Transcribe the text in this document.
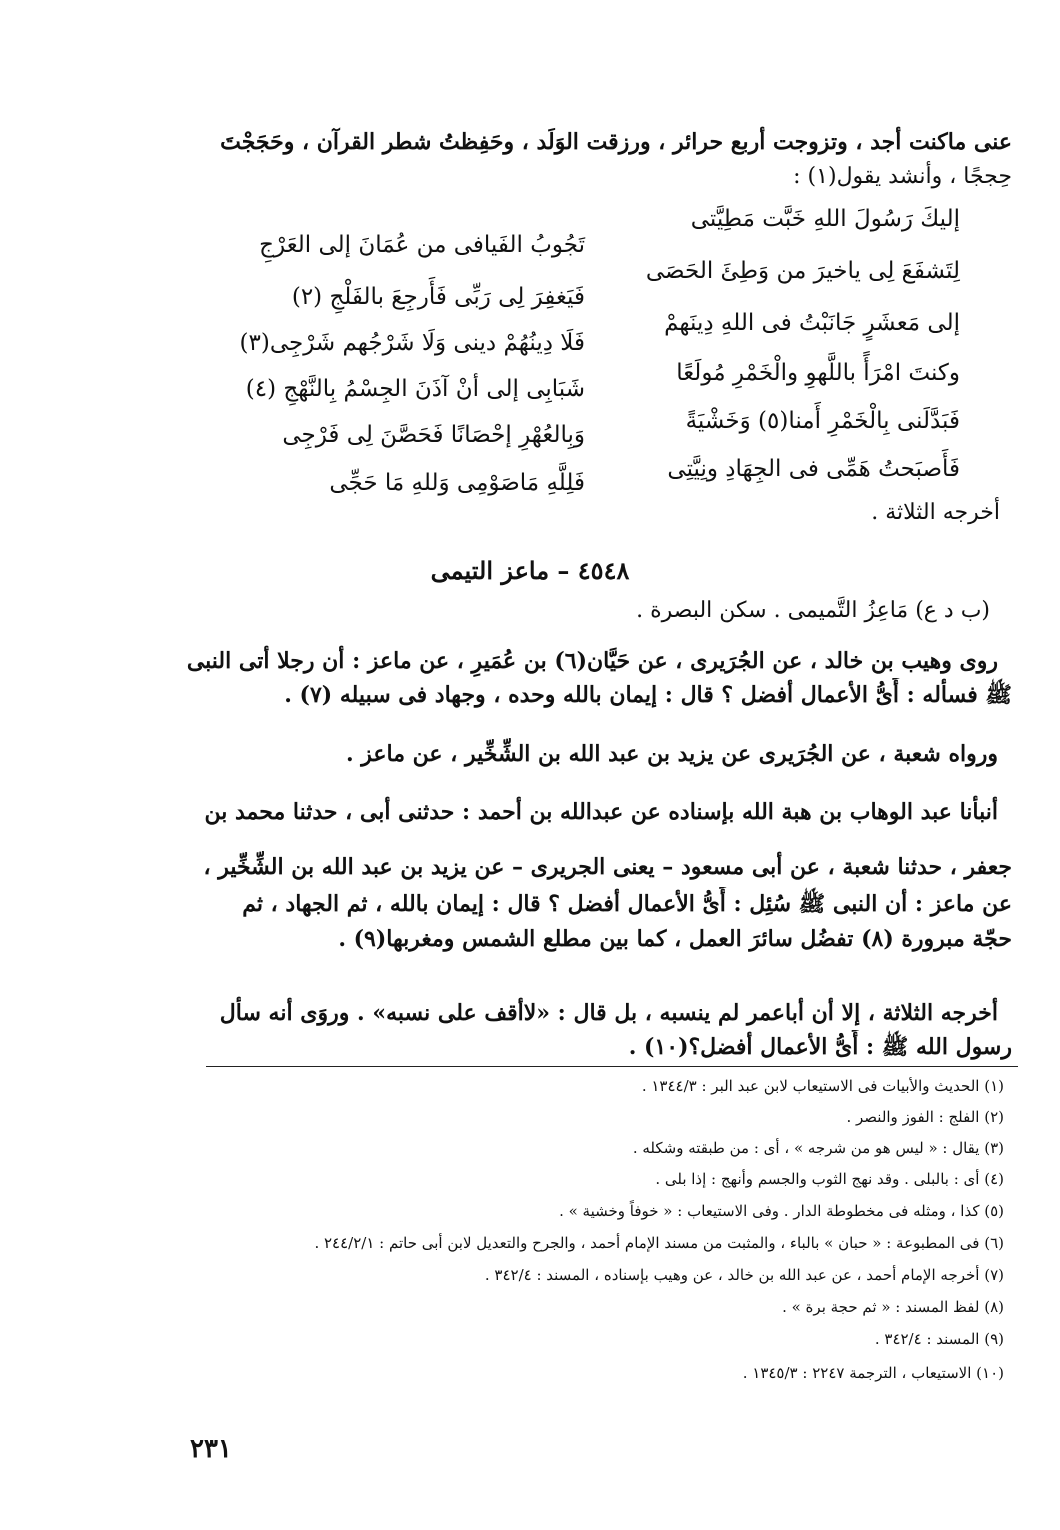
عنى ماكنت أجد ، وتزوجت أربع حرائر ، ورزقت الوَلَد ، وحَفِظتُ شطر القرآن ، وحَجَجْتَ
حِججًا ، وأنشد يقول(١) :
إليكَ رَسُولَ اللهِ خَبَّت مَطِيَّتى
تَجُوبُ الفَيافى من عُمَانَ إلى العَرْجِ
لِتَشفَعَ لِى ياخيرَ من وَطِئَ الحَصَى
فَيَغفِرَ لِى رَبِّى فَأَرجِعَ بالفَلْجِ (٢)
إلى مَعشَرٍ جَانَبْتُ فى اللهِ دِينَهمْ
فَلَا دِينُهُمْ دينى وَلَا شَرْجُهم شَرْجِى(٣)
وكنتَ امْرَأً باللَّهوِ والْخَمْرِ مُولَعًا
شَبَابِى إلى أنْ آذَنَ الجِسْمُ بِالنَّهْجِ (٤)
فَبَدَّلَنى بِالْخَمْرِ أَمنا(٥) وَخَشْيَةً
وَبِالعُهْرِ إحْصَانًا فَحَصَّنَ لِى فَرْجِى
فَأَصبَحتُ هَمِّى فى الجِهَادِ ونِيَّتِى
فَلِلَّهِ مَاصَوْمِى وَللهِ مَا حَجِّى
أخرجه الثلاثة .
٤٥٤٨ – ماعز التيمى
(ب د ع) مَاعِزُ التَّميمى . سكن البصرة .
روى وهيب بن خالد ، عن الجُرَيرى ، عن حَيَّان(٦) بن عُمَيرِ ، عن ماعز : أن رجلا أتى النبى
ﷺ فسأله : أَىُّ الأعمال أفضل ؟ قال : إيمان بالله وحده ، وجهاد فى سبيله (٧) .
ورواه شعبة ، عن الجُرَيرى عن يزيد بن عبد الله بن الشِّخِّير ، عن ماعز .
أنبأنا عبد الوهاب بن هبة الله بإسناده عن عبدالله بن أحمد : حدثنى أبى ، حدثنا محمد بن
جعفر ، حدثنا شعبة ، عن أبى مسعود – يعنى الجريرى – عن يزيد بن عبد الله بن الشِّخِّير ،
عن ماعز : أن النبى ﷺ سُئِل : أَىُّ الأعمال أفضل ؟ قال : إيمان بالله ، ثم الجهاد ، ثم
حجّة مبرورة (٨) تفضُل سائرَ العمل ، كما بين مطلع الشمس ومغربها(٩) .
أخرجه الثلاثة ، إلا أن أباعمر لم ينسبه ، بل قال : «لاأقف على نسبه» . وروَى أنه سأل
رسول الله ﷺ : أَىُّ الأعمال أفضل؟(١٠) .
(١) الحديث والأبيات فى الاستيعاب لابن عبد البر : ١٣٤٤/٣ .
(٢) الفلج : الفوز والنصر .
(٣) يقال : « ليس هو من شرجه » ، أى : من طبقته وشكله .
(٤) أى : بالبلى . وقد نهج الثوب والجسم وأنهج : إذا بلى .
(٥) كذا ، ومثله فى مخطوطة الدار . وفى الاستيعاب : « خوفاً وخشية » .
(٦) فى المطبوعة : « حبان » بالباء ، والمثبت من مسند الإمام أحمد ، والجرح والتعديل لابن أبى حاتم : ٢٤٤/٢/١ .
(٧) أخرجه الإمام أحمد ، عن عبد الله بن خالد ، عن وهيب بإسناده ، المسند : ٣٤٢/٤ .
(٨) لفظ المسند : « ثم حجة برة » .
(٩) المسند : ٣٤٢/٤ .
(١٠) الاستيعاب ، الترجمة ٢٢٤٧ : ١٣٤٥/٣ .
٢٣١
